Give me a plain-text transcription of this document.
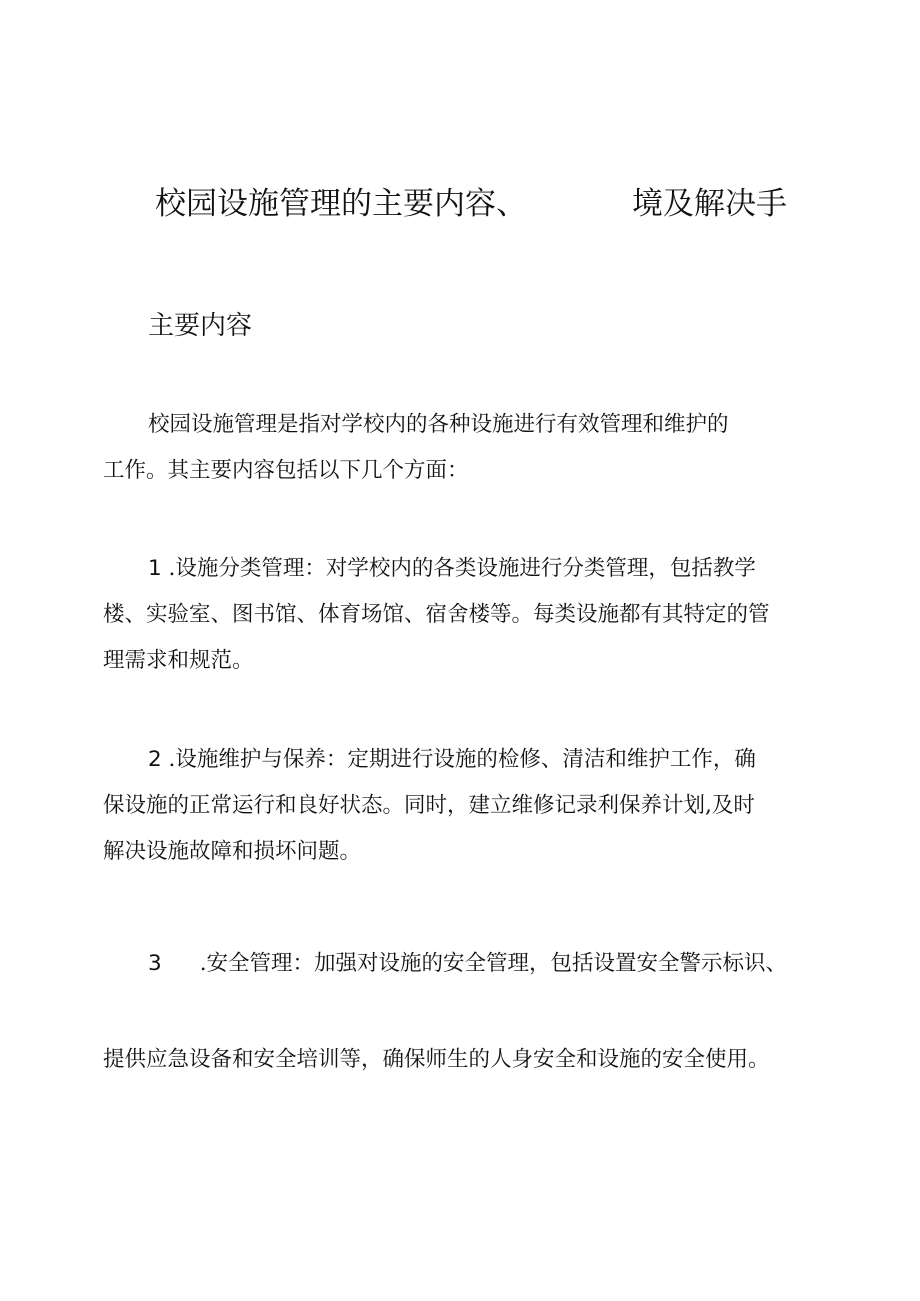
校园设施管理的主要内容、	境及解决手
主要内容
校园设施管理是指对学校内的各种设施进行有效管理和维护的
工作。其主要内容包括以下几个方面：
1 .设施分类管理：对学校内的各类设施进行分类管理，包括教学
楼、实验室、图书馆、体育场馆、宿舍楼等。每类设施都有其特定的管
理需求和规范。
2 .设施维护与保养：定期进行设施的检修、清洁和维护工作，确
保设施的正常运行和良好状态。同时，建立维修记录利保养计划,及时
解决设施故障和损坏问题。
3 .安全管理：加强对设施的安全管理，包括设置安全警示标识、
提供应急设备和安全培训等，确保师生的人身安全和设施的安全使用。
